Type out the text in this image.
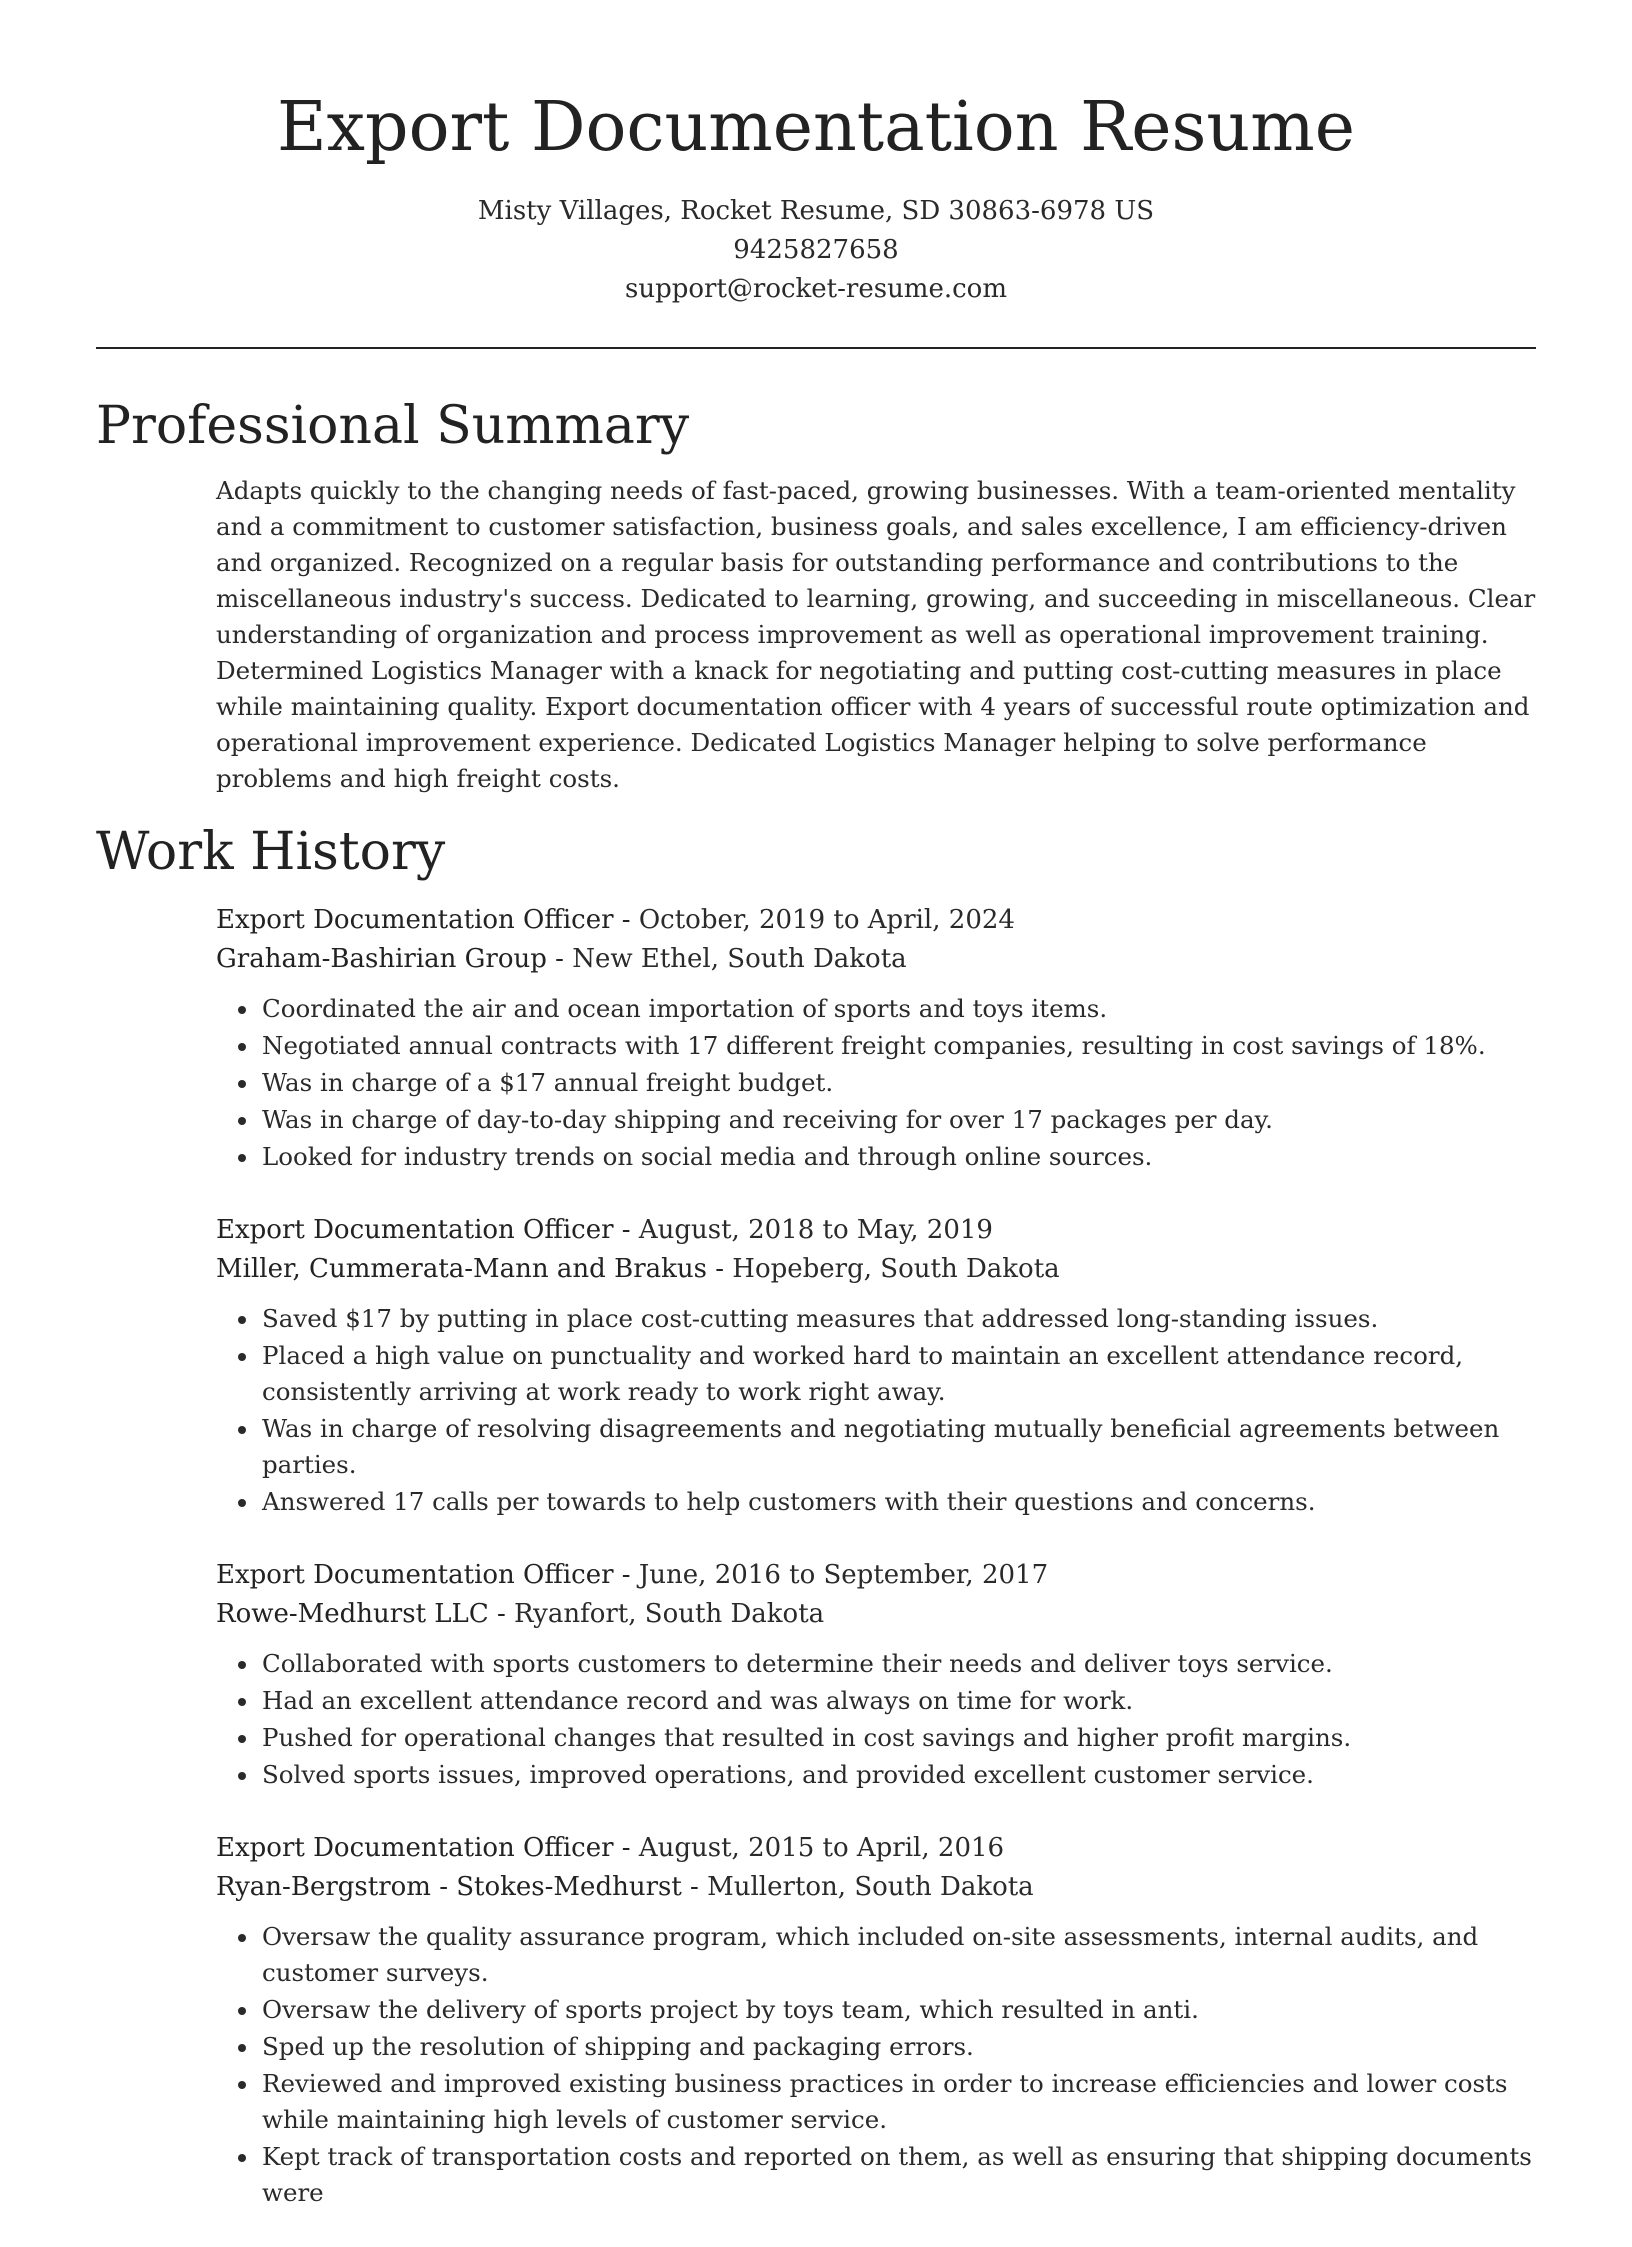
Export Documentation Resume
Misty Villages, Rocket Resume, SD 30863-6978 US
9425827658
support@rocket-resume.com
Professional Summary

Adapts quickly to the changing needs of fast-paced, growing businesses. With a team-oriented mentality and a commitment to customer satisfaction, business goals, and sales excellence, I am efficiency-driven and organized. Recognized on a regular basis for outstanding performance and contributions to the miscellaneous industry's success. Dedicated to learning, growing, and succeeding in miscellaneous. Clear understanding of organization and process improvement as well as operational improvement training. Determined Logistics Manager with a knack for negotiating and putting cost-cutting measures in place while maintaining quality. Export documentation officer with 4 years of successful route optimization and operational improvement experience. Dedicated Logistics Manager helping to solve performance problems and high freight costs.

Work History
Export Documentation Officer - October, 2019 to April, 2024
Graham-Bashirian Group - New Ethel, South Dakota
• Coordinated the air and ocean importation of sports and toys items.
• Negotiated annual contracts with 17 different freight companies, resulting in cost savings of 18%.
• Was in charge of a $17 annual freight budget.
• Was in charge of day-to-day shipping and receiving for over 17 packages per day.
• Looked for industry trends on social media and through online sources.
Export Documentation Officer - August, 2018 to May, 2019
Miller, Cummerata-Mann and Brakus - Hopeberg, South Dakota
• Saved $17 by putting in place cost-cutting measures that addressed long-standing issues.
• Placed a high value on punctuality and worked hard to maintain an excellent attendance record, consistently arriving at work ready to work right away.
• Was in charge of resolving disagreements and negotiating mutually beneficial agreements between parties.
• Answered 17 calls per towards to help customers with their questions and concerns.
Export Documentation Officer - June, 2016 to September, 2017
Rowe-Medhurst LLC - Ryanfort, South Dakota
• Collaborated with sports customers to determine their needs and deliver toys service.
• Had an excellent attendance record and was always on time for work.
• Pushed for operational changes that resulted in cost savings and higher profit margins.
• Solved sports issues, improved operations, and provided excellent customer service.
Export Documentation Officer - August, 2015 to April, 2016
Ryan-Bergstrom - Stokes-Medhurst - Mullerton, South Dakota
• Oversaw the quality assurance program, which included on-site assessments, internal audits, and customer surveys.
• Oversaw the delivery of sports project by toys team, which resulted in anti.
• Sped up the resolution of shipping and packaging errors.
• Reviewed and improved existing business practices in order to increase efficiencies and lower costs while maintaining high levels of customer service.
• Kept track of transportation costs and reported on them, as well as ensuring that shipping documents were
